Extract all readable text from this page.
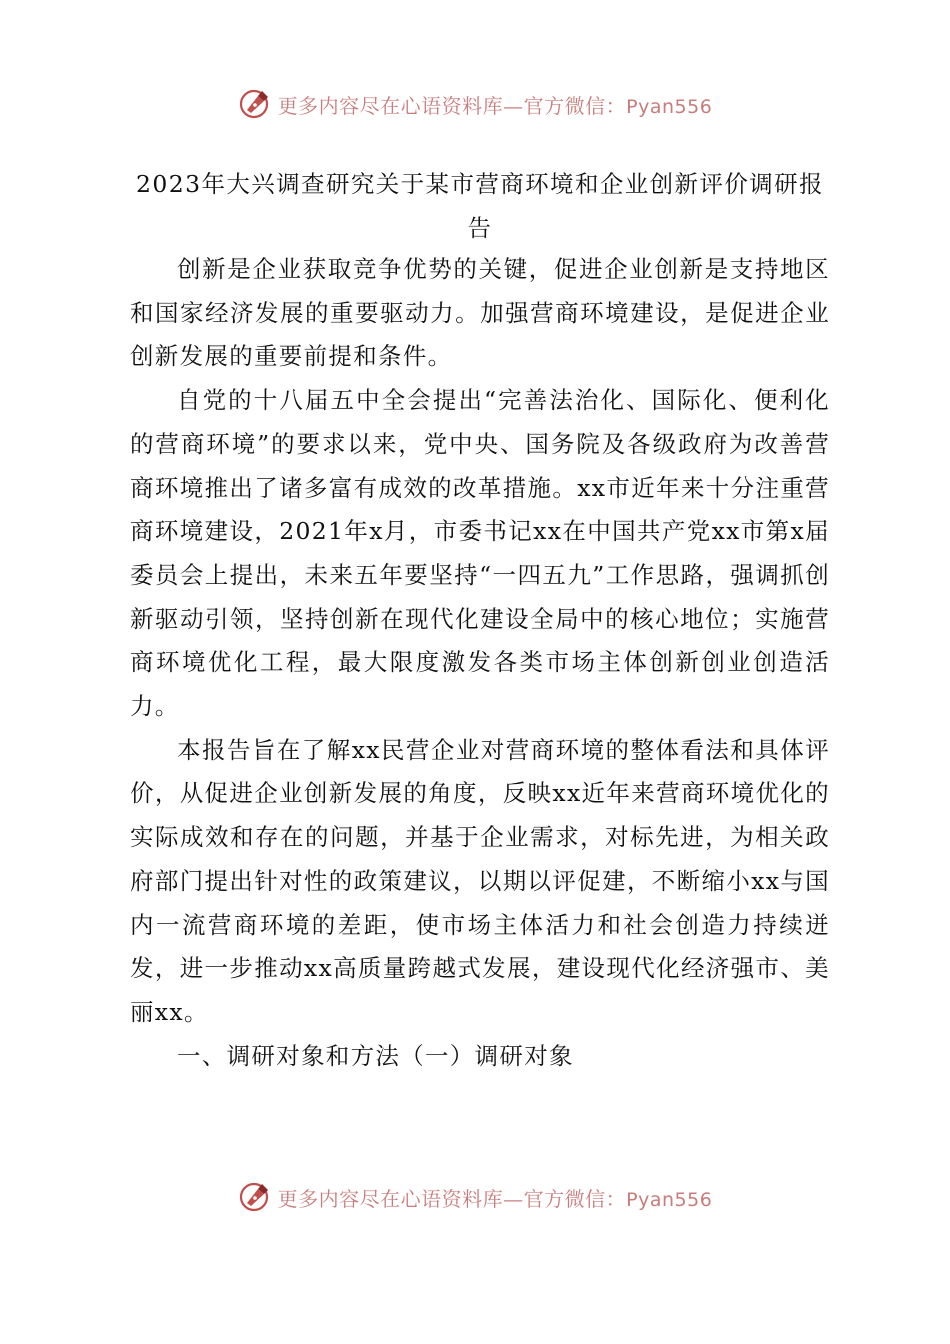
更多内容尽在心语资料库—官方微信：Pyan556
2023年大兴调查研究关于某市营商环境和企业创新评价调研报告

创新是企业获取竞争优势的关键，促进企业创新是支持地区和国家经济发展的重要驱动力。加强营商环境建设，是促进企业创新发展的重要前提和条件。

自党的十八届五中全会提出“完善法治化、国际化、便利化的营商环境”的要求以来，党中央、国务院及各级政府为改善营商环境推出了诸多富有成效的改革措施。xx市近年来十分注重营商环境建设，2021年x月，市委书记xx在中国共产党xx市第x届委员会上提出，未来五年要坚持“一四五九”工作思路，强调抓创新驱动引领，坚持创新在现代化建设全局中的核心地位；实施营商环境优化工程，最大限度激发各类市场主体创新创业创造活力。

本报告旨在了解xx民营企业对营商环境的整体看法和具体评价，从促进企业创新发展的角度，反映xx近年来营商环境优化的实际成效和存在的问题，并基于企业需求，对标先进，为相关政府部门提出针对性的政策建议，以期以评促建，不断缩小xx与国内一流营商环境的差距，使市场主体活力和社会创造力持续迸发，进一步推动xx高质量跨越式发展，建设现代化经济强市、美丽xx。

一、调研对象和方法（一）调研对象

更多内容尽在心语资料库—官方微信：Pyan556
